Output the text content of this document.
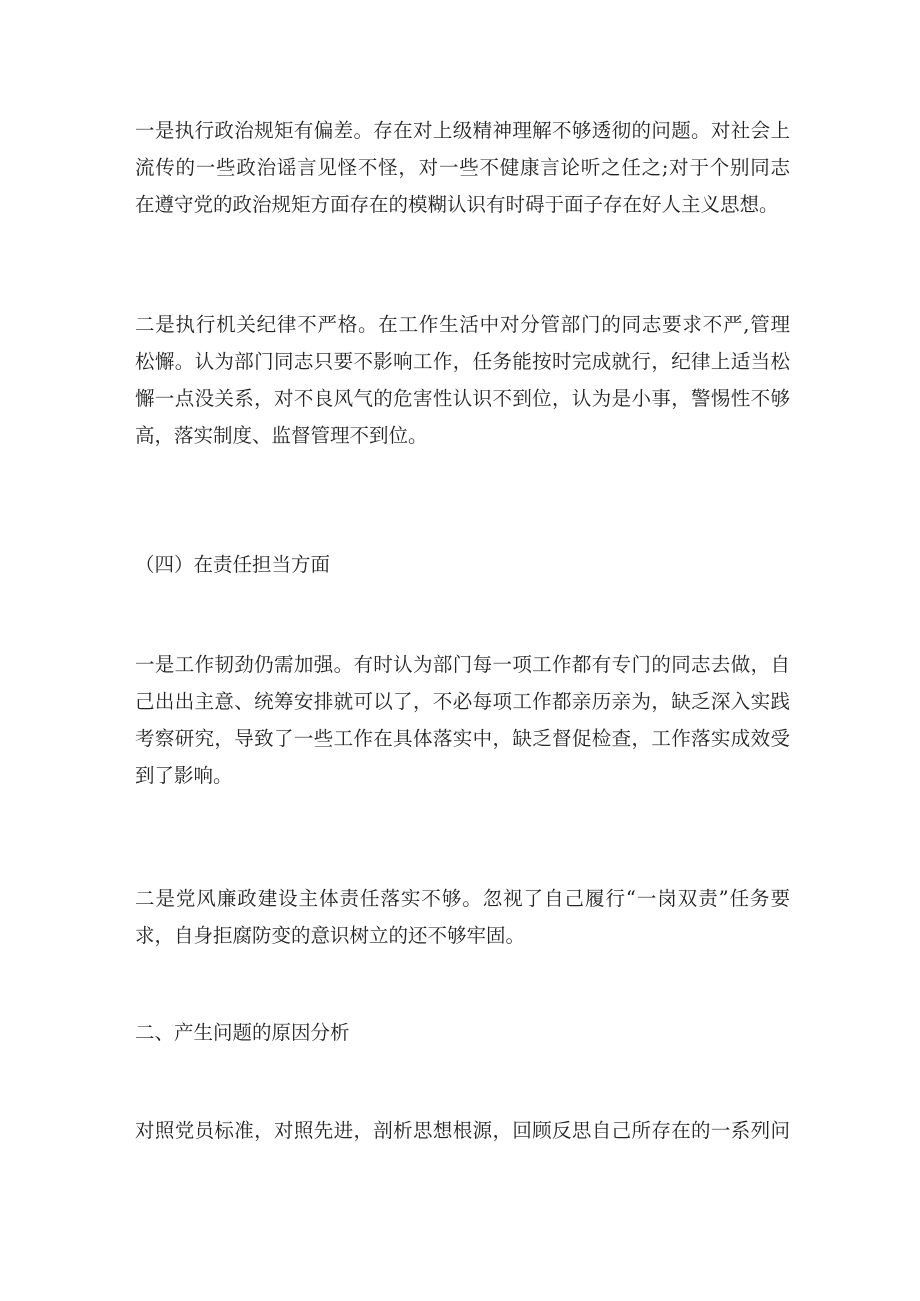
一是执行政治规矩有偏差。存在对上级精神理解不够透彻的问题。对社会上
流传的一些政治谣言见怪不怪，对一些不健康言论听之任之;对于个别同志
在遵守党的政治规矩方面存在的模糊认识有时碍于面子存在好人主义思想。
二是执行机关纪律不严格。在工作生活中对分管部门的同志要求不严,管理
松懈。认为部门同志只要不影响工作，任务能按时完成就行，纪律上适当松
懈一点没关系，对不良风气的危害性认识不到位，认为是小事，警惕性不够
高，落实制度、监督管理不到位。
（四）在责任担当方面
一是工作韧劲仍需加强。有时认为部门每一项工作都有专门的同志去做，自
己出出主意、统筹安排就可以了，不必每项工作都亲历亲为，缺乏深入实践
考察研究，导致了一些工作在具体落实中，缺乏督促检查，工作落实成效受
到了影响。
二是党风廉政建设主体责任落实不够。忽视了自己履行“一岗双责”任务要
求，自身拒腐防变的意识树立的还不够牢固。
二、产生问题的原因分析
对照党员标准，对照先进，剖析思想根源，回顾反思自己所存在的一系列问
